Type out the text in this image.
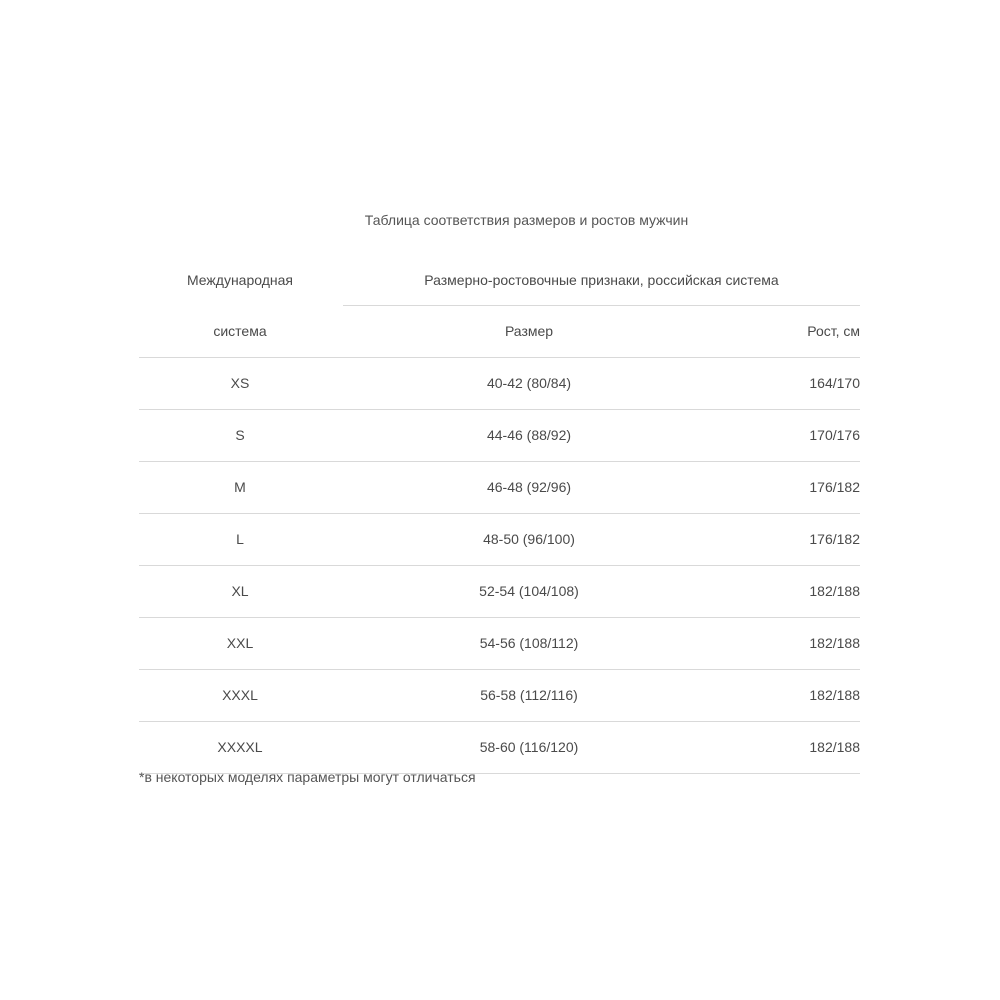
Таблица соответствия размеров и ростов мужчин
Международная	Размерно-ростовочные признаки, российская система
система	Размер	Рост, см
XS	40-42 (80/84)	164/170
S	44-46 (88/92)	170/176
M	46-48 (92/96)	176/182
L	48-50 (96/100)	176/182
XL	52-54 (104/108)	182/188
XXL	54-56 (108/112)	182/188
XXXL	56-58 (112/116)	182/188
XXXXL	58-60 (116/120)	182/188
*в некоторых моделях параметры могут отличаться
